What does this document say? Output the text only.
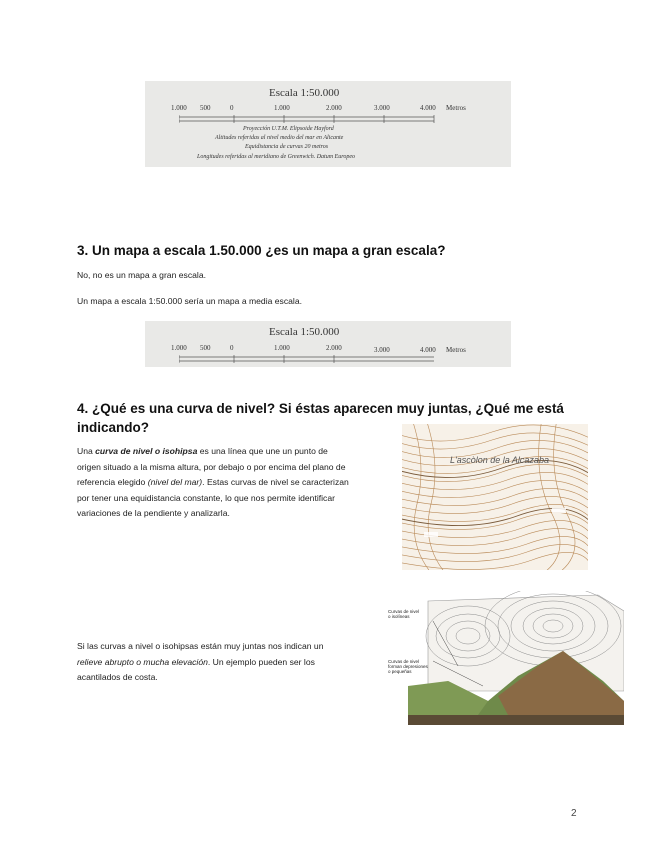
Escala 1:50.000
1.000 500	0	1.000	2.000	3.000	4.000 Metros
Proyección U.T.M. Elipsoide Hayford
Altitudes referidas al nivel medio del mar en Alicante
Equidistancia de curvas 20 metros
Longitudes referidas al meridiano de Greenwich. Datum Europeo
3. Un mapa a escala 1.50.000 ¿es un mapa a gran escala?
No, no es un mapa a gran escala.
Un mapa a escala 1:50.000 sería un mapa a media escala.
Escala 1:50.000
1.000 500	0	1.000	2.000	3.000	4.000 Metros
4. ¿Qué es una curva de nivel? Si éstas aparecen muy juntas, ¿Qué me está
indicando?
Una curva de nivel o isohipsa es una línea que une un punto de
origen situado a la misma altura, por debajo o por encima del plano de
referencia elegido (nivel del mar). Estas curvas de nivel se caracterizan
por tener una equidistancia constante, lo que nos permite identificar
variaciones de la pendiente y analizarla.
L'ascòlon de la Alcazaba
Si las curvas a nivel o isohipsas están muy juntas nos indican un
relieve abrupto o mucha elevación. Un ejemplo pueden ser los
acantilados de costa.
Curvas de nivel
o isolíneas
Curvas de nivel
forman depresiones
o pequeñas
2
